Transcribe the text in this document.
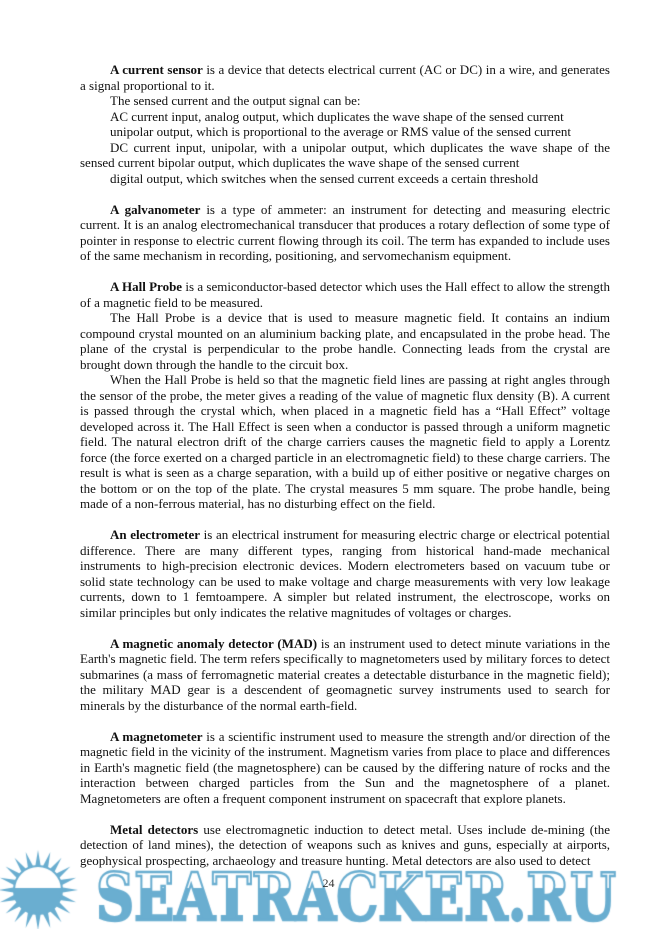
A current sensor is a device that detects electrical current (AC or DC) in a wire, and generates a signal proportional to it.

The sensed current and the output signal can be:

AC current input, analog output, which duplicates the wave shape of the sensed current

unipolar output, which is proportional to the average or RMS value of the sensed current

DC current input, unipolar, with a unipolar output, which duplicates the wave shape of the sensed current bipolar output, which duplicates the wave shape of the sensed current

digital output, which switches when the sensed current exceeds a certain threshold

A galvanometer is a type of ammeter: an instrument for detecting and measuring electric current. It is an analog electromechanical transducer that produces a rotary deflection of some type of pointer in response to electric current flowing through its coil. The term has expanded to include uses of the same mechanism in recording, positioning, and servomechanism equipment.

A Hall Probe is a semiconductor-based detector which uses the Hall effect to allow the strength of a magnetic field to be measured.

The Hall Probe is a device that is used to measure magnetic field. It contains an indium compound crystal mounted on an aluminium backing plate, and encapsulated in the probe head. The plane of the crystal is perpendicular to the probe handle. Connecting leads from the crystal are brought down through the handle to the circuit box.

When the Hall Probe is held so that the magnetic field lines are passing at right angles through the sensor of the probe, the meter gives a reading of the value of magnetic flux density (B). A current is passed through the crystal which, when placed in a magnetic field has a “Hall Effect” voltage developed across it. The Hall Effect is seen when a conductor is passed through a uniform magnetic field. The natural electron drift of the charge carriers causes the magnetic field to apply a Lorentz force (the force exerted on a charged particle in an electromagnetic field) to these charge carriers. The result is what is seen as a charge separation, with a build up of either positive or negative charges on the bottom or on the top of the plate. The crystal measures 5 mm square. The probe handle, being made of a non-ferrous material, has no disturbing effect on the field.

An electrometer is an electrical instrument for measuring electric charge or electrical potential difference. There are many different types, ranging from historical hand-made mechanical instruments to high-precision electronic devices. Modern electrometers based on vacuum tube or solid state technology can be used to make voltage and charge measurements with very low leakage currents, down to 1 femtoampere. A simpler but related instrument, the electroscope, works on similar principles but only indicates the relative magnitudes of voltages or charges.

A magnetic anomaly detector (MAD) is an instrument used to detect minute variations in the Earth's magnetic field. The term refers specifically to magnetometers used by military forces to detect submarines (a mass of ferromagnetic material creates a detectable disturbance in the magnetic field); the military MAD gear is a descendent of geomagnetic survey instruments used to search for minerals by the disturbance of the normal earth-field.

A magnetometer is a scientific instrument used to measure the strength and/or direction of the magnetic field in the vicinity of the instrument. Magnetism varies from place to place and differences in Earth's magnetic field (the magnetosphere) can be caused by the differing nature of rocks and the interaction between charged particles from the Sun and the magnetosphere of a planet. Magnetometers are often a frequent component instrument on spacecraft that explore planets.

Metal detectors use electromagnetic induction to detect metal. Uses include de-mining (the detection of land mines), the detection of weapons such as knives and guns, especially at airports, geophysical prospecting, archaeology and treasure hunting. Metal detectors are also used to detect

24
